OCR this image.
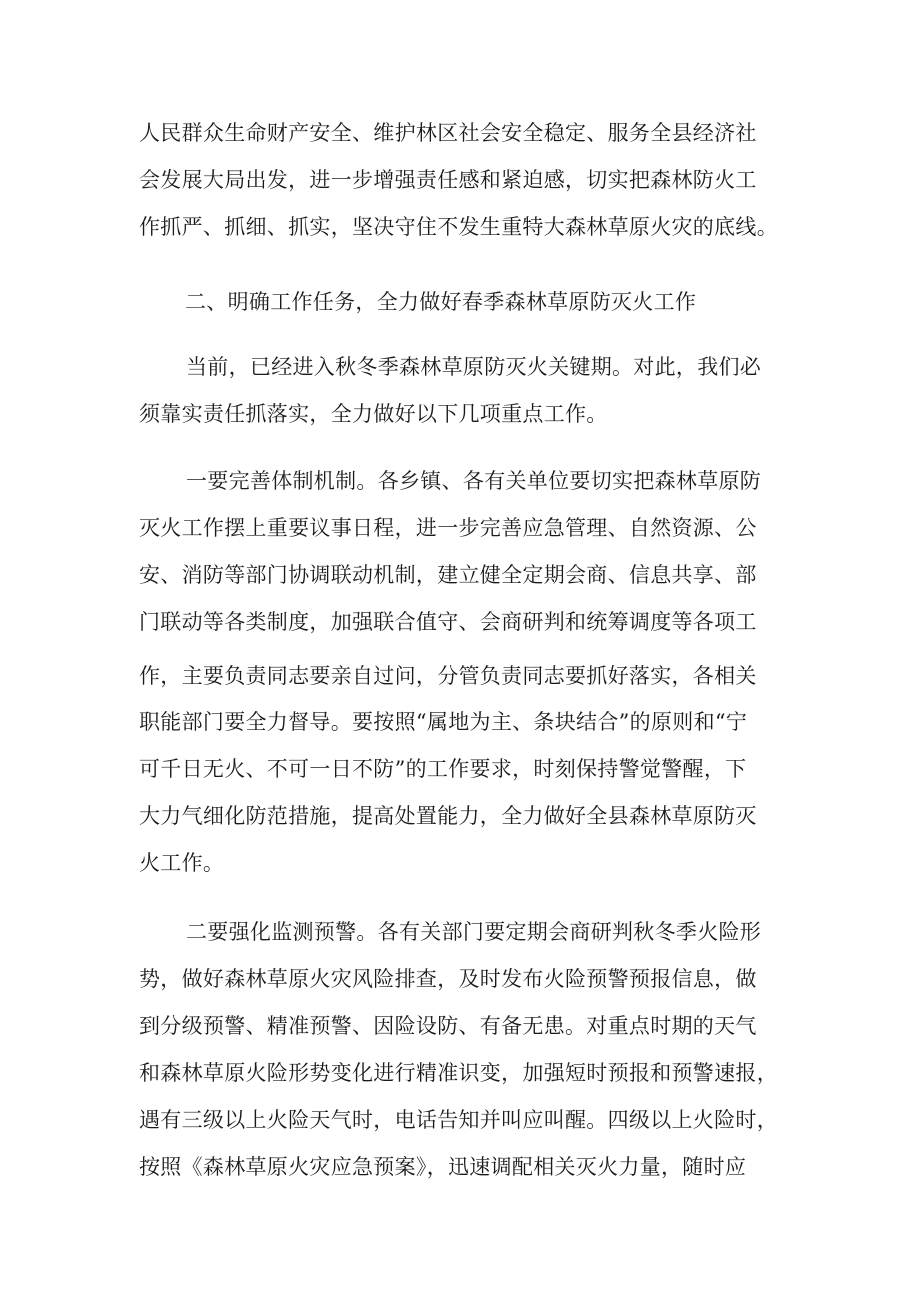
人民群众生命财产安全、维护林区社会安全稳定、服务全县经济社

会发展大局出发，进一步增强责任感和紧迫感，切实把森林防火工

作抓严、抓细、抓实，坚决守住不发生重特大森林草原火灾的底线。

二、明确工作任务，全力做好春季森林草原防灭火工作

当前，已经进入秋冬季森林草原防灭火关键期。对此，我们必

须靠实责任抓落实，全力做好以下几项重点工作。

一要完善体制机制。各乡镇、各有关单位要切实把森林草原防

灭火工作摆上重要议事日程，进一步完善应急管理、自然资源、公

安、消防等部门协调联动机制，建立健全定期会商、信息共享、部

门联动等各类制度，加强联合值守、会商研判和统筹调度等各项工

作，主要负责同志要亲自过问，分管负责同志要抓好落实，各相关

职能部门要全力督导。要按照“属地为主、条块结合”的原则和“宁

可千日无火、不可一日不防”的工作要求，时刻保持警觉警醒，下

大力气细化防范措施，提高处置能力，全力做好全县森林草原防灭

火工作。

二要强化监测预警。各有关部门要定期会商研判秋冬季火险形

势，做好森林草原火灾风险排查，及时发布火险预警预报信息，做

到分级预警、精准预警、因险设防、有备无患。对重点时期的天气

和森林草原火险形势变化进行精准识变，加强短时预报和预警速报，

遇有三级以上火险天气时，电话告知并叫应叫醒。四级以上火险时，

按照《森林草原火灾应急预案》，迅速调配相关灭火力量，随时应
